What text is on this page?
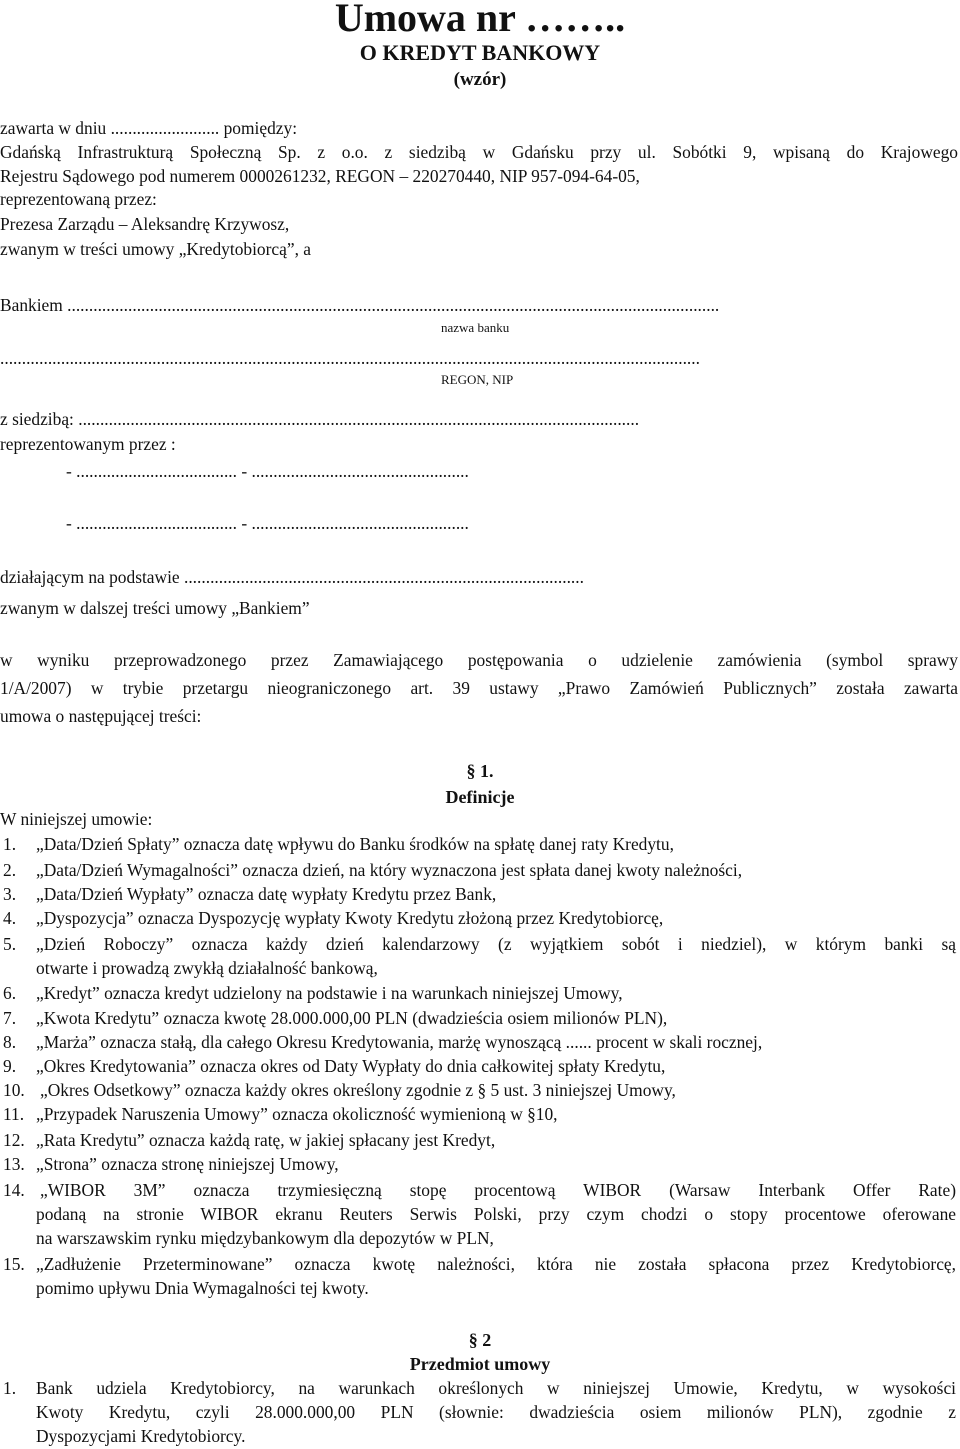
Umowa nr ……..
O KREDYT BANKOWY
(wzór)
zawarta w dniu ......................... pomiędzy:
Gdańską Infrastrukturą Społeczną Sp. z o.o. z siedzibą w Gdańsku przy ul. Sobótki 9, wpisaną do Krajowego
Rejestru Sądowego pod numerem 0000261232, REGON – 220270440, NIP 957-094-64-05,
reprezentowaną przez:
Prezesa Zarządu – Aleksandrę Krzywosz,
zwanym w treści umowy „Kredytobiorcą”, a
Bankiem ......................................................................................................................................................
nazwa banku
.................................................................................................................................................................
REGON, NIP
z siedzibą: .................................................................................................................................
reprezentowanym przez :
- ..................................... - ..................................................
- ..................................... - ..................................................
działającym na podstawie ............................................................................................
zwanym w dalszej treści umowy „Bankiem”
w wyniku przeprowadzonego przez Zamawiającego postępowania o udzielenie zamówienia (symbol sprawy
1/A/2007) w trybie przetargu nieograniczonego art. 39 ustawy „Prawo Zamówień Publicznych” została zawarta
umowa o następującej treści:
§ 1.
Definicje
W niniejszej umowie:
1. „Data/Dzień Spłaty” oznacza datę wpływu do Banku środków na spłatę danej raty Kredytu,
2. „Data/Dzień Wymagalności” oznacza dzień, na który wyznaczona jest spłata danej kwoty należności,
3. „Data/Dzień Wypłaty” oznacza datę wypłaty Kredytu przez Bank,
4. „Dyspozycja” oznacza Dyspozycję wypłaty Kwoty Kredytu złożoną przez Kredytobiorcę,
5. „Dzień Roboczy” oznacza każdy dzień kalendarzowy (z wyjątkiem sobót i niedziel), w którym banki są
otwarte i prowadzą zwykłą działalność bankową,
6. „Kredyt” oznacza kredyt udzielony na podstawie i na warunkach niniejszej Umowy,
7. „Kwota Kredytu” oznacza kwotę 28.000.000,00 PLN (dwadzieścia osiem milionów PLN),
8. „Marża” oznacza stałą, dla całego Okresu Kredytowania, marżę wynoszącą ...... procent w skali rocznej,
9. „Okres Kredytowania” oznacza okres od Daty Wypłaty do dnia całkowitej spłaty Kredytu,
10. „Okres Odsetkowy” oznacza każdy okres określony zgodnie z § 5 ust. 3 niniejszej Umowy,
11. „Przypadek Naruszenia Umowy” oznacza okoliczność wymienioną w §10,
12. „Rata Kredytu” oznacza każdą ratę, w jakiej spłacany jest Kredyt,
13. „Strona” oznacza stronę niniejszej Umowy,
14. „WIBOR 3M” oznacza trzymiesięczną stopę procentową WIBOR (Warsaw Interbank Offer Rate)
podaną na stronie WIBOR ekranu Reuters Serwis Polski, przy czym chodzi o stopy procentowe oferowane
na warszawskim rynku międzybankowym dla depozytów w PLN,
15. „Zadłużenie Przeterminowane” oznacza kwotę należności, która nie została spłacona przez Kredytobiorcę,
pomimo upływu Dnia Wymagalności tej kwoty.
§ 2
Przedmiot umowy
1. Bank udziela Kredytobiorcy, na warunkach określonych w niniejszej Umowie, Kredytu, w wysokości
Kwoty Kredytu, czyli 28.000.000,00 PLN (słownie: dwadzieścia osiem milionów PLN), zgodnie z
Dyspozycjami Kredytobiorcy.
